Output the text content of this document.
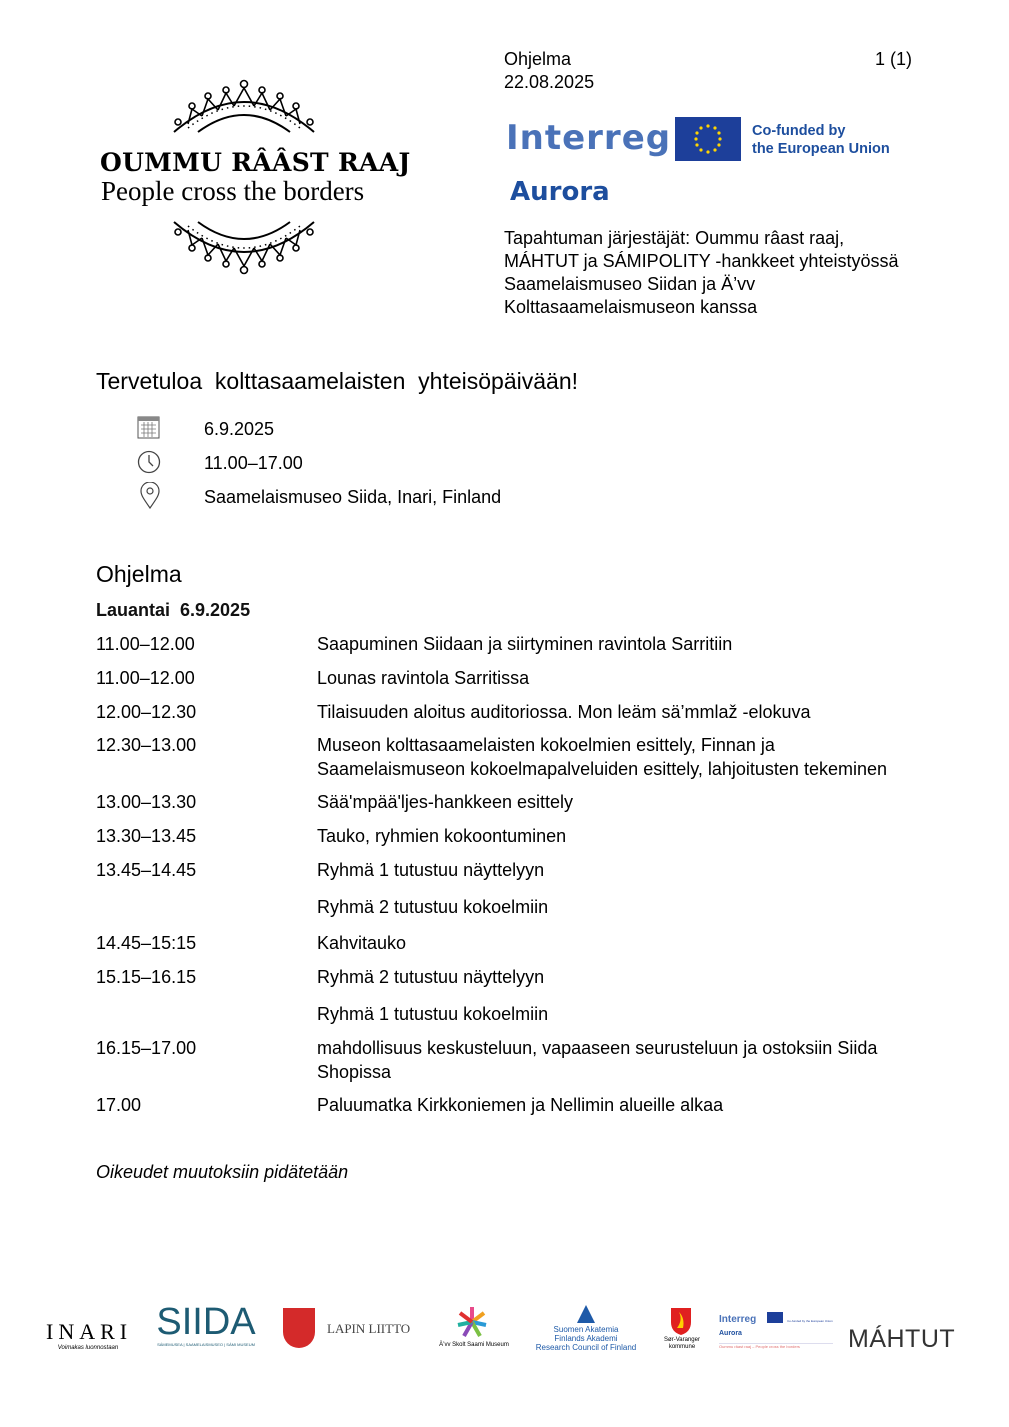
OUMMU RÂÂST RAAJ
People cross the borders
Ohjelma
22.08.2025
1 (1)
Interreg	Co-funded by
the European Union
Aurora
Tapahtuman järjestäjät: Oummu râast raaj,
MÁHTUT ja SÁMIPOLITY -hankkeet yhteistyössä
Saamelaismuseo Siidan ja Ä’vv
Kolttasaamelaismuseon kanssa
Tervetuloa  kolttasaamelaisten  yhteisöpäivään!
6.9.2025
11.00–17.00
Saamelaismuseo Siida, Inari, Finland
Ohjelma
Lauantai  6.9.2025
11.00–12.00	Saapuminen Siidaan ja siirtyminen ravintola Sarritiin
11.00–12.00	Lounas ravintola Sarritissa
12.00–12.30	Tilaisuuden aloitus auditoriossa. Mon leäm sä’mmlaž -elokuva
12.30–13.00	Museon kolttasaamelaisten kokoelmien esittely, Finnan ja Saamelaismuseon kokoelmapalveluiden esittely, lahjoitusten tekeminen
13.00–13.30	Sää'mpää'ljes-hankkeen esittely
13.30–13.45	Tauko, ryhmien kokoontuminen
13.45–14.45	Ryhmä 1 tutustuu näyttelyyn
Ryhmä 2 tutustuu kokoelmiin
14.45–15:15	Kahvitauko
15.15–16.15	Ryhmä 2 tutustuu näyttelyyn
Ryhmä 1 tutustuu kokoelmiin
16.15–17.00	mahdollisuus keskusteluun, vapaaseen seurusteluun ja ostoksiin Siida Shopissa
17.00	Paluumatka Kirkkoniemen ja Nellimin alueille alkaa
Oikeudet muutoksiin pidätetään
INARI
Voimakas luonnostaan
SIIDA
SÁMEMUSEA | SAAMELAISMUSEO | SÁMI MUSEUM
LAPIN LIITTO
Ä’vv Skolt Saami Museum
Suomen Akatemia
Finlands Akademi
Research Council of Finland
Sør-Varanger
kommune
Interreg	Co-funded by the European Union
Aurora
Oummu râast raaj – People cross the borders	MÁHTUT
